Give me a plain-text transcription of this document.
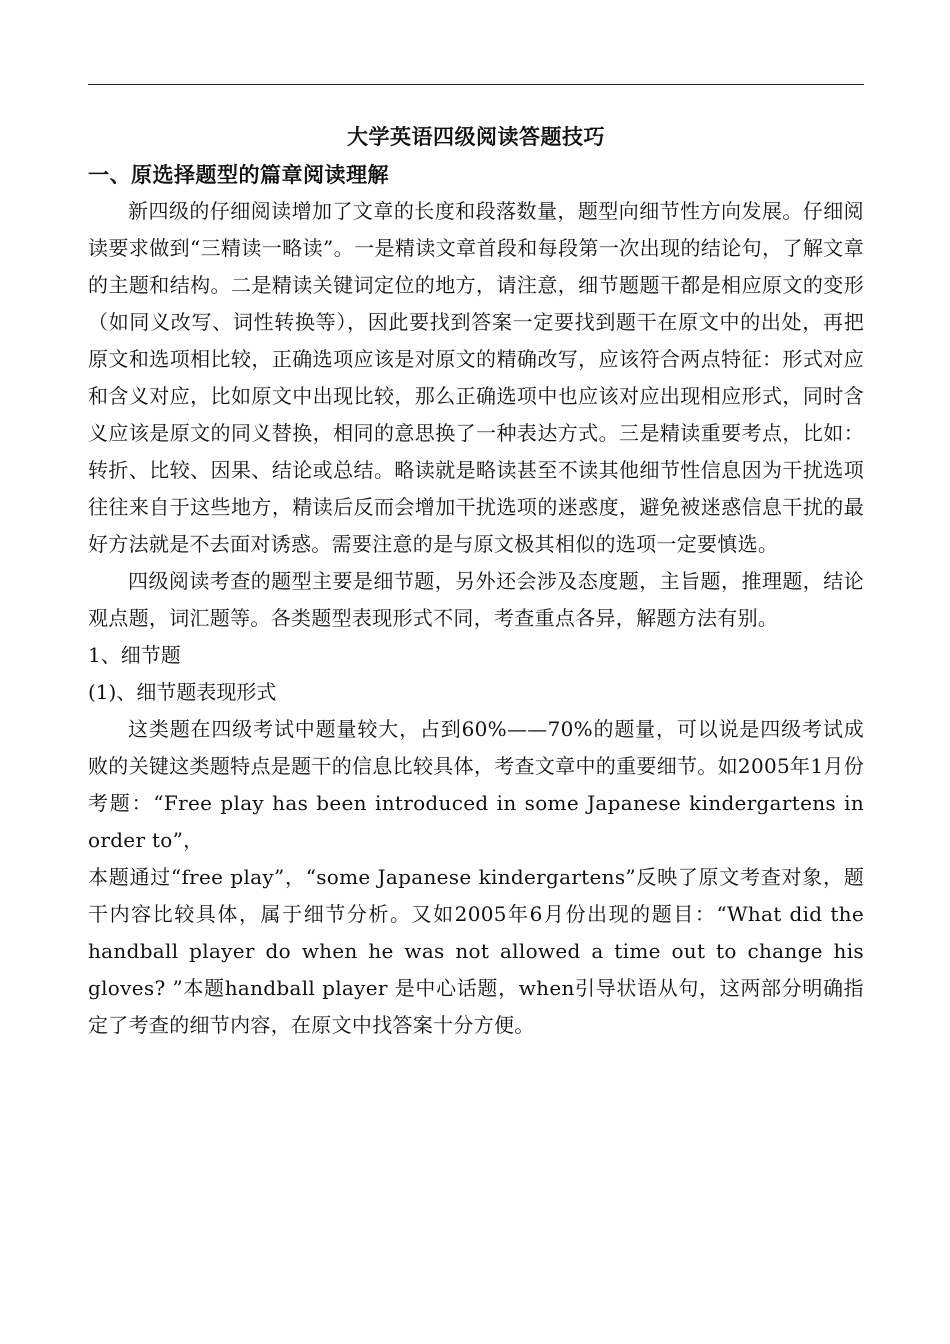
大学英语四级阅读答题技巧
一、原选择题型的篇章阅读理解

新四级的仔细阅读增加了文章的长度和段落数量，题型向细节性方向发展。仔细阅读要求做到“三精读一略读”。一是精读文章首段和每段第一次出现的结论句，了解文章的主题和结构。二是精读关键词定位的地方，请注意，细节题题干都是相应原文的变形（如同义改写、词性转换等），因此要找到答案一定要找到题干在原文中的出处，再把原文和选项相比较，正确选项应该是对原文的精确改写，应该符合两点特征：形式对应和含义对应，比如原文中出现比较，那么正确选项中也应该对应出现相应形式，同时含义应该是原文的同义替换，相同的意思换了一种表达方式。三是精读重要考点，比如：转折、比较、因果、结论或总结。略读就是略读甚至不读其他细节性信息因为干扰选项往往来自于这些地方，精读后反而会增加干扰选项的迷惑度，避免被迷惑信息干扰的最好方法就是不去面对诱惑。需要注意的是与原文极其相似的选项一定要慎选。

四级阅读考查的题型主要是细节题，另外还会涉及态度题，主旨题，推理题，结论观点题，词汇题等。各类题型表现形式不同，考查重点各异，解题方法有别。

1、细节题
(1)、细节题表现形式

这类题在四级考试中题量较大，占到60%——70%的题量，可以说是四级考试成败的关键这类题特点是题干的信息比较具体，考查文章中的重要细节。如2005年1月份考题：“Free play has been introduced in some Japanese kindergartens in order to”，

本题通过“free play”，“some Japanese kindergartens”反映了原文考查对象，题干内容比较具体，属于细节分析。又如2005年6月份出现的题目：“What did the handball player do when he was not allowed a time out to change his gloves? ”本题handball player 是中心话题，when引导状语从句，这两部分明确指定了考查的细节内容，在原文中找答案十分方便。
